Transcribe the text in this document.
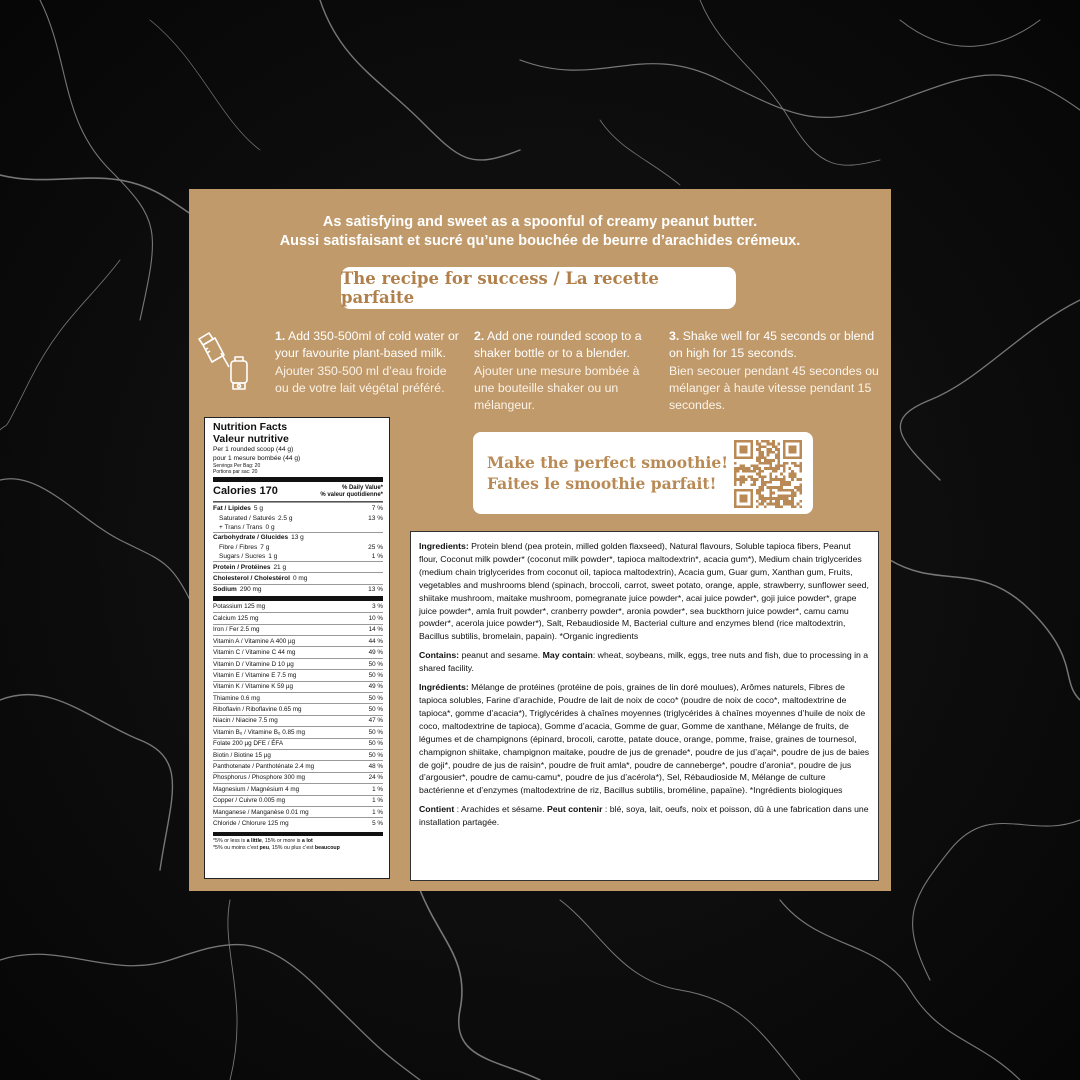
As satisfying and sweet as a spoonful of creamy peanut butter.
Aussi satisfaisant et sucré qu’une bouchée de beurre d’arachides crémeux.
The recipe for success / La recette parfaite

1. Add 350-500ml of cold water or your favourite plant-based milk.

Ajouter 350-500 ml d’eau froide ou de votre lait végétal préféré.

2. Add one rounded scoop to a shaker bottle or to a blender.

Ajouter une mesure bombée à une bouteille shaker ou un mélangeur.

3. Shake well for 45 seconds or blend on high for 15 seconds.

Bien secouer pendant 45 secondes ou mélanger à haute vitesse pendant 15 secondes.

Nutrition Facts
Valeur nutritive
Per 1 rounded scoop (44 g)
pour 1 mesure bombée (44 g)
Servings Per Bag: 20
Portions par sac: 20
Calories 170	% Daily Value*
% valeur quotidienne*
Fat / Lipides 5 g	7 %
Saturated / Saturés 2.5 g	13 %
+ Trans / Trans 0 g
Carbohydrate / Glucides 13 g
Fibre / Fibres 7 g	25 %
Sugars / Sucres 1 g	1 %
Protein / Protéines 21 g
Cholesterol / Cholestérol 0 mg
Sodium 290 mg	13 %
Potassium 125 mg	3 %
Calcium 125 mg	10 %
Iron / Fer 2.5 mg	14 %
Vitamin A / Vitamine A 400 µg	44 %
Vitamin C / Vitamine C 44 mg	49 %
Vitamin D / Vitamine D 10 µg	50 %
Vitamin E / Vitamine E 7.5 mg	50 %
Vitamin K / Vitamine K 59 µg	49 %
Thiamine 0.6 mg	50 %
Riboflavin / Riboflavine 0.65 mg	50 %
Niacin / Niacine 7.5 mg	47 %
Vitamin B₆ / Vitamine B₆ 0.85 mg	50 %
Folate 200 µg DFE / ÉFA	50 %
Biotin / Biotine 15 µg	50 %
Panthotenate / Panthoténate 2.4 mg	48 %
Phosphorus / Phosphore 300 mg	24 %
Magnesium / Magnésium 4 mg	1 %
Copper / Cuivre 0.005 mg	1 %
Manganese / Manganèse 0.01 mg	1 %
Chloride / Chlorure 125 mg	5 %
*5% or less is a little, 15% or more is a lot
*5% ou moins c’est peu, 15% ou plus c’est beaucoup
Make the perfect smoothie!
Faites le smoothie parfait!

Ingredients: Protein blend (pea protein, milled golden flaxseed), Natural flavours, Soluble tapioca fibers, Peanut flour, Coconut milk powder* (coconut milk powder*, tapioca maltodextrin*, acacia gum*), Medium chain triglycerides (medium chain triglycerides from coconut oil, tapioca maltodextrin), Acacia gum, Guar gum, Xanthan gum, Fruits, vegetables and mushrooms blend (spinach, broccoli, carrot, sweet potato, orange, apple, strawberry, sunflower seed, shiitake mushroom, maitake mushroom, pomegranate juice powder*, acai juice powder*, goji juice powder*, grape juice powder*, amla fruit powder*, cranberry powder*, aronia powder*, sea buckthorn juice powder*, camu camu powder*, acerola juice powder*), Salt, Rebaudioside M, Bacterial culture and enzymes blend (rice maltodextrin, Bacillus subtilis, bromelain, papain). *Organic ingredients

Contains: peanut and sesame. May contain: wheat, soybeans, milk, eggs, tree nuts and fish, due to processing in a shared facility.

Ingrédients: Mélange de protéines (protéine de pois, graines de lin doré moulues), Arômes naturels, Fibres de tapioca solubles, Farine d’arachide, Poudre de lait de noix de coco* (poudre de noix de coco*, maltodextrine de tapioca*, gomme d’acacia*), Triglycérides à chaînes moyennes (triglycérides à chaînes moyennes d’huile de noix de coco, maltodextrine de tapioca), Gomme d’acacia, Gomme de guar, Gomme de xanthane, Mélange de fruits, de légumes et de champignons (épinard, brocoli, carotte, patate douce, orange, pomme, fraise, graines de tournesol, champignon shiitake, champignon maitake, poudre de jus de grenade*, poudre de jus d’açai*, poudre de jus de baies de goji*, poudre de jus de raisin*, poudre de fruit amla*, poudre de canneberge*, poudre d’aronia*, poudre de jus d’argousier*, poudre de camu-camu*, poudre de jus d’acérola*), Sel, Rébaudioside M, Mélange de culture bactérienne et d’enzymes (maltodextrine de riz, Bacillus subtilis, broméline, papaïne). *Ingrédients biologiques

Contient : Arachides et sésame. Peut contenir : blé, soya, lait, oeufs, noix et poisson, dû à une fabrication dans une installation partagée.
